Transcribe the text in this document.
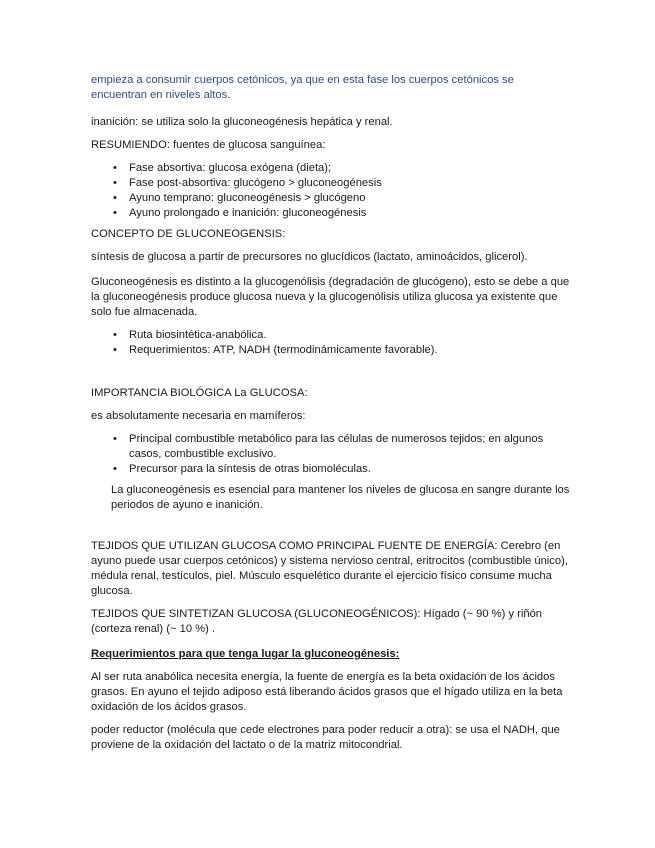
empieza a consumir cuerpos cetónicos, ya que en esta fase los cuerpos cetónicos se encuentran en niveles altos.

inanición: se utiliza solo la gluconeogénesis hepática y renal.

RESUMIENDO: fuentes de glucosa sanguínea:

• Fase absortiva: glucosa exógena (dieta);
• Fase post-absortiva: glucógeno > gluconeogénesis
• Ayuno temprano: gluconeogénesis > glucógeno
• Ayuno prolongado e inanición: gluconeogénesis

CONCEPTO DE GLUCONEOGENSIS:

síntesis de glucosa a partir de precursores no glucídicos (lactato, aminoácidos, glicerol).

Gluconeogénesis es distinto a la glucogenólisis (degradación de glucógeno), esto se debe a que la gluconeogénesis produce glucosa nueva y la glucogenólisis utiliza glucosa ya existente que solo fue almacenada.

• Ruta biosintética-anabólica.
• Requerimientos: ATP, NADH (termodinámicamente favorable).

IMPORTANCIA BIOLÓGICA La GLUCOSA:

es absolutamente necesaria en mamíferos:

• Principal combustible metabólico para las células de numerosos tejidos; en algunos casos, combustible exclusivo.
• Precursor para la síntesis de otras biomoléculas.

La gluconeogénesis es esencial para mantener los niveles de glucosa en sangre durante los periodos de ayuno e inanición.

TEJIDOS QUE UTILIZAN GLUCOSA COMO PRINCIPAL FUENTE DE ENERGÍA: Cerebro (en ayuno puede usar cuerpos cetónicos) y sistema nervioso central, eritrocitos (combustible único), médula renal, testículos, piel. Músculo esquelético durante el ejercicio físico consume mucha glucosa.

TEJIDOS QUE SINTETIZAN GLUCOSA (GLUCONEOGÉNICOS): Hígado (~ 90 %) y riñón (corteza renal) (~ 10 %) .

Requerimientos para que tenga lugar la gluconeogénesis:

Al ser ruta anabólica necesita energía, la fuente de energía es la beta oxidación de los ácidos grasos. En ayuno el tejido adiposo está liberando ácidos grasos que el hígado utiliza en la beta oxidación de los ácidos grasos.

poder reductor (molécula que cede electrones para poder reducir a otra): se usa el NADH, que proviene de la oxidación del lactato o de la matriz mitocondrial.
